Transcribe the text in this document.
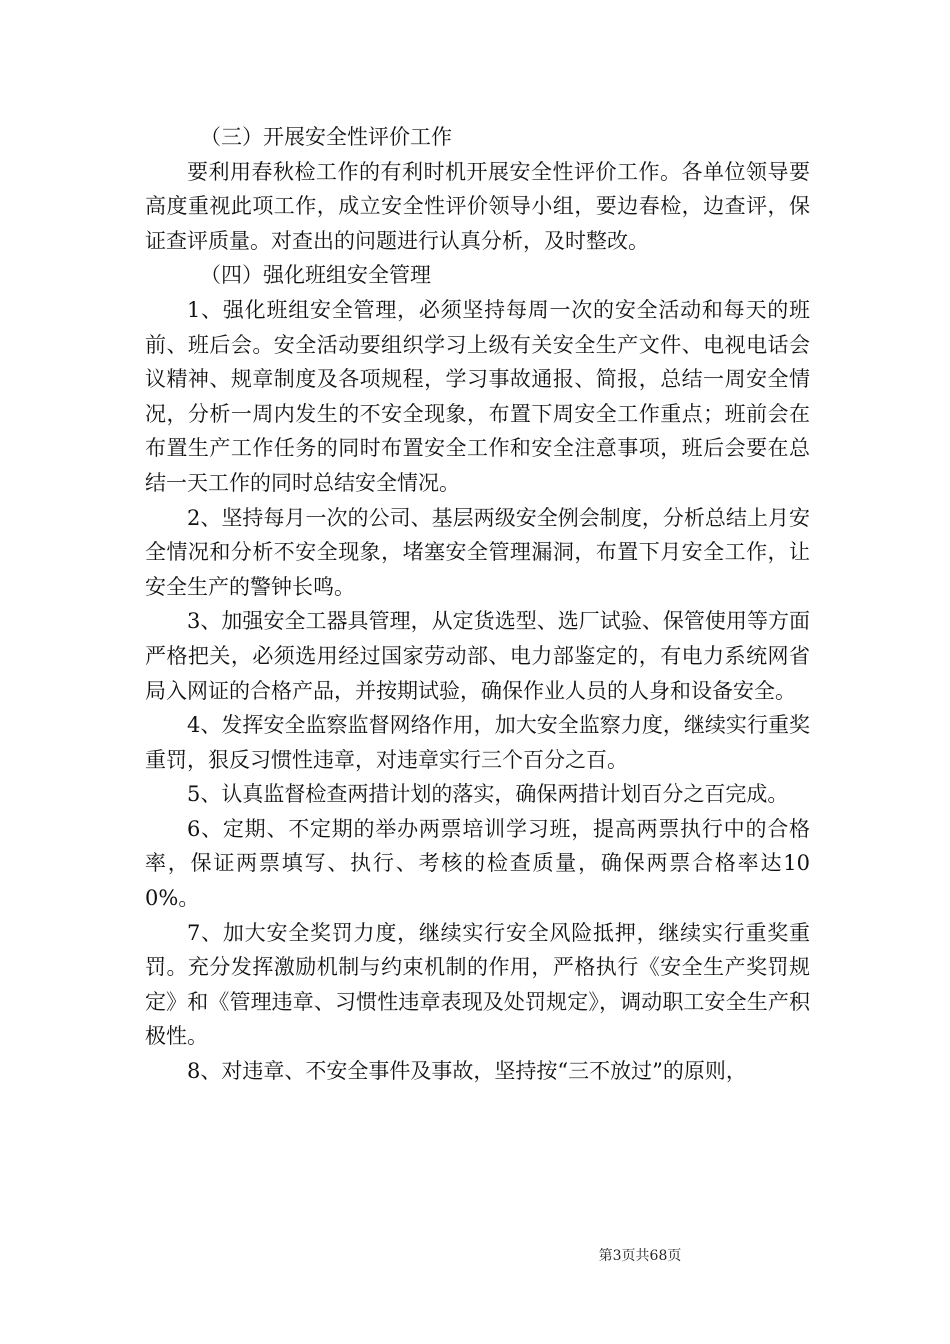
（三）开展安全性评价工作

要利用春秋检工作的有利时机开展安全性评价工作。各单位领导要高度重视此项工作，成立安全性评价领导小组，要边春检，边查评，保证查评质量。对查出的问题进行认真分析，及时整改。

（四）强化班组安全管理

1、强化班组安全管理，必须坚持每周一次的安全活动和每天的班前、班后会。安全活动要组织学习上级有关安全生产文件、电视电话会议精神、规章制度及各项规程，学习事故通报、简报，总结一周安全情况，分析一周内发生的不安全现象，布置下周安全工作重点；班前会在布置生产工作任务的同时布置安全工作和安全注意事项，班后会要在总结一天工作的同时总结安全情况。

2、坚持每月一次的公司、基层两级安全例会制度，分析总结上月安全情况和分析不安全现象，堵塞安全管理漏洞，布置下月安全工作，让安全生产的警钟长鸣。

3、加强安全工器具管理，从定货选型、选厂试验、保管使用等方面严格把关，必须选用经过国家劳动部、电力部鉴定的，有电力系统网省局入网证的合格产品，并按期试验，确保作业人员的人身和设备安全。

4、发挥安全监察监督网络作用，加大安全监察力度，继续实行重奖重罚，狠反习惯性违章，对违章实行三个百分之百。

5、认真监督检查两措计划的落实，确保两措计划百分之百完成。

6、定期、不定期的举办两票培训学习班，提高两票执行中的合格率，保证两票填写、执行、考核的检查质量，确保两票合格率达100%。

7、加大安全奖罚力度，继续实行安全风险抵押，继续实行重奖重罚。充分发挥激励机制与约束机制的作用，严格执行《安全生产奖罚规定》和《管理违章、习惯性违章表现及处罚规定》，调动职工安全生产积极性。

8、对违章、不安全事件及事故，坚持按“三不放过”的原则，

第3页共68页
